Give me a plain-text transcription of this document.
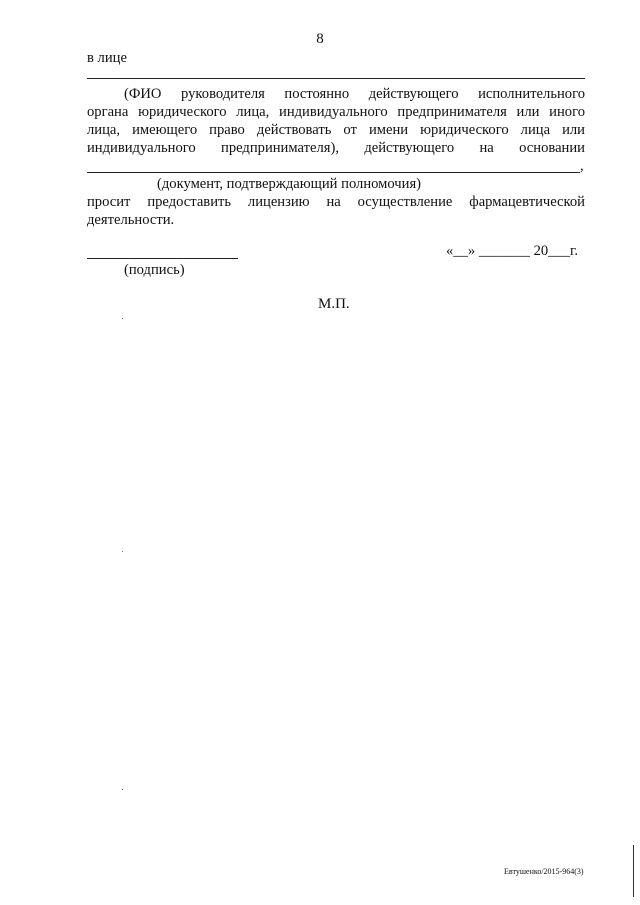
8
в лице
(ФИО руководителя постоянно действующего исполнительного
органа юридического лица, индивидуального предпринимателя или иного
лица, имеющего право действовать от имени юридического лица или
индивидуального предпринимателя), действующего на основании
,
(документ, подтверждающий полномочия)
просит предоставить лицензию на осуществление фармацевтической
деятельности.
(подпись)
«__» _______ 20___г.
М.П.
Евтушенко/2015-964(3)
